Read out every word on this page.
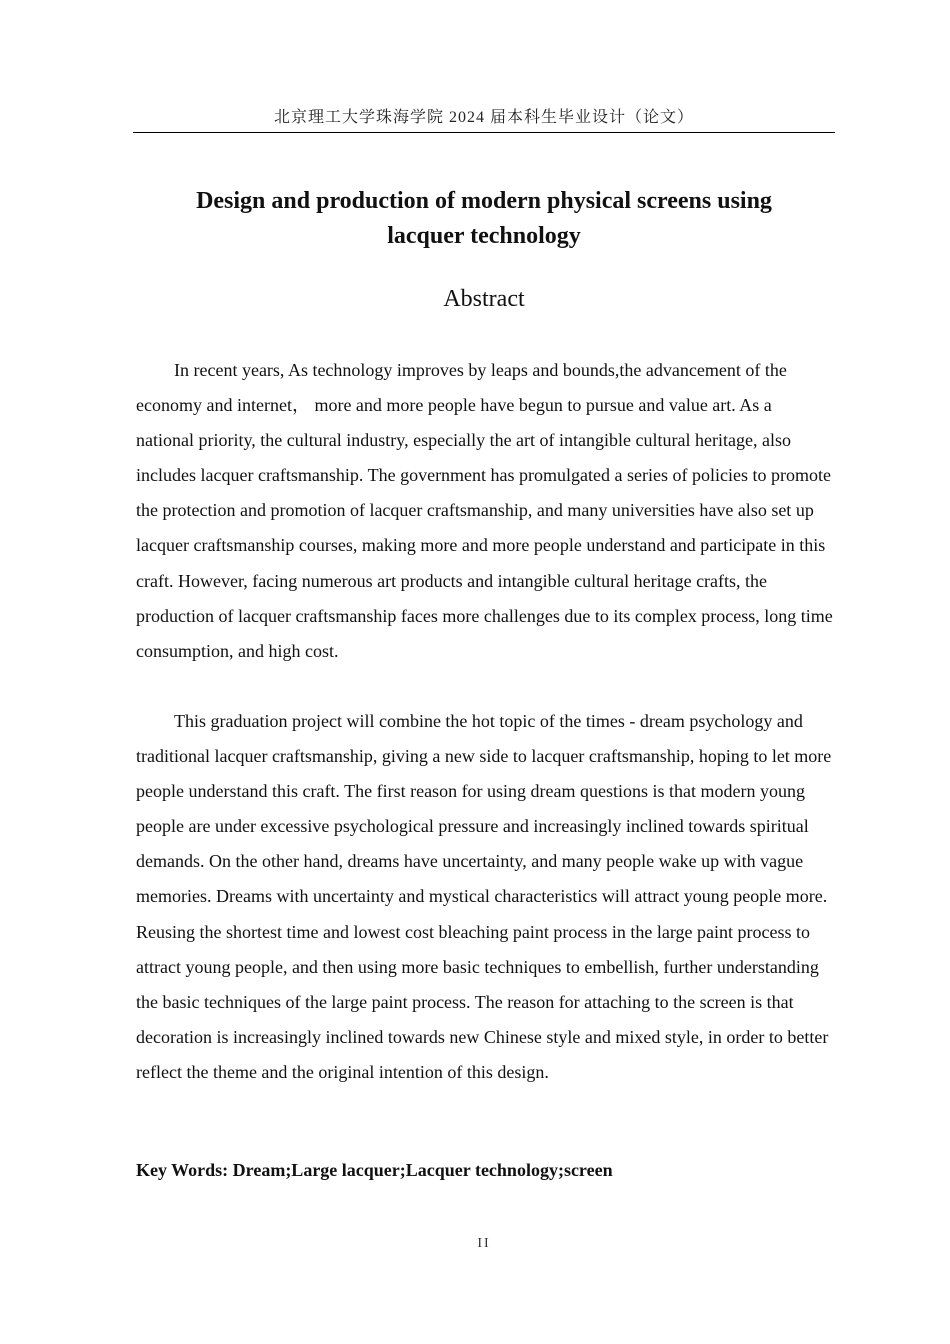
北京理工大学珠海学院 2024 届本科生毕业设计（论文）
Design and production of modern physical screens using
lacquer technology
Abstract

In recent years, As technology improves by leaps and bounds,the advancement of the economy and internet， more and more people have begun to pursue and value art. As a national priority, the cultural industry, especially the art of intangible cultural heritage, also includes lacquer craftsmanship. The government has promulgated a series of policies to promote the protection and promotion of lacquer craftsmanship, and many universities have also set up lacquer craftsmanship courses, making more and more people understand and participate in this craft. However, facing numerous art products and intangible cultural heritage crafts, the production of lacquer craftsmanship faces more challenges due to its complex process, long time consumption, and high cost.

This graduation project will combine the hot topic of the times - dream psychology and traditional lacquer craftsmanship, giving a new side to lacquer craftsmanship, hoping to let more people understand this craft. The first reason for using dream questions is that modern young people are under excessive psychological pressure and increasingly inclined towards spiritual demands. On the other hand, dreams have uncertainty, and many people wake up with vague memories. Dreams with uncertainty and mystical characteristics will attract young people more. Reusing the shortest time and lowest cost bleaching paint process in the large paint process to attract young people, and then using more basic techniques to embellish, further understanding the basic techniques of the large paint process. The reason for attaching to the screen is that decoration is increasingly inclined towards new Chinese style and mixed style, in order to better reflect the theme and the original intention of this design.

Key Words: Dream;Large lacquer;Lacquer technology;screen

II
